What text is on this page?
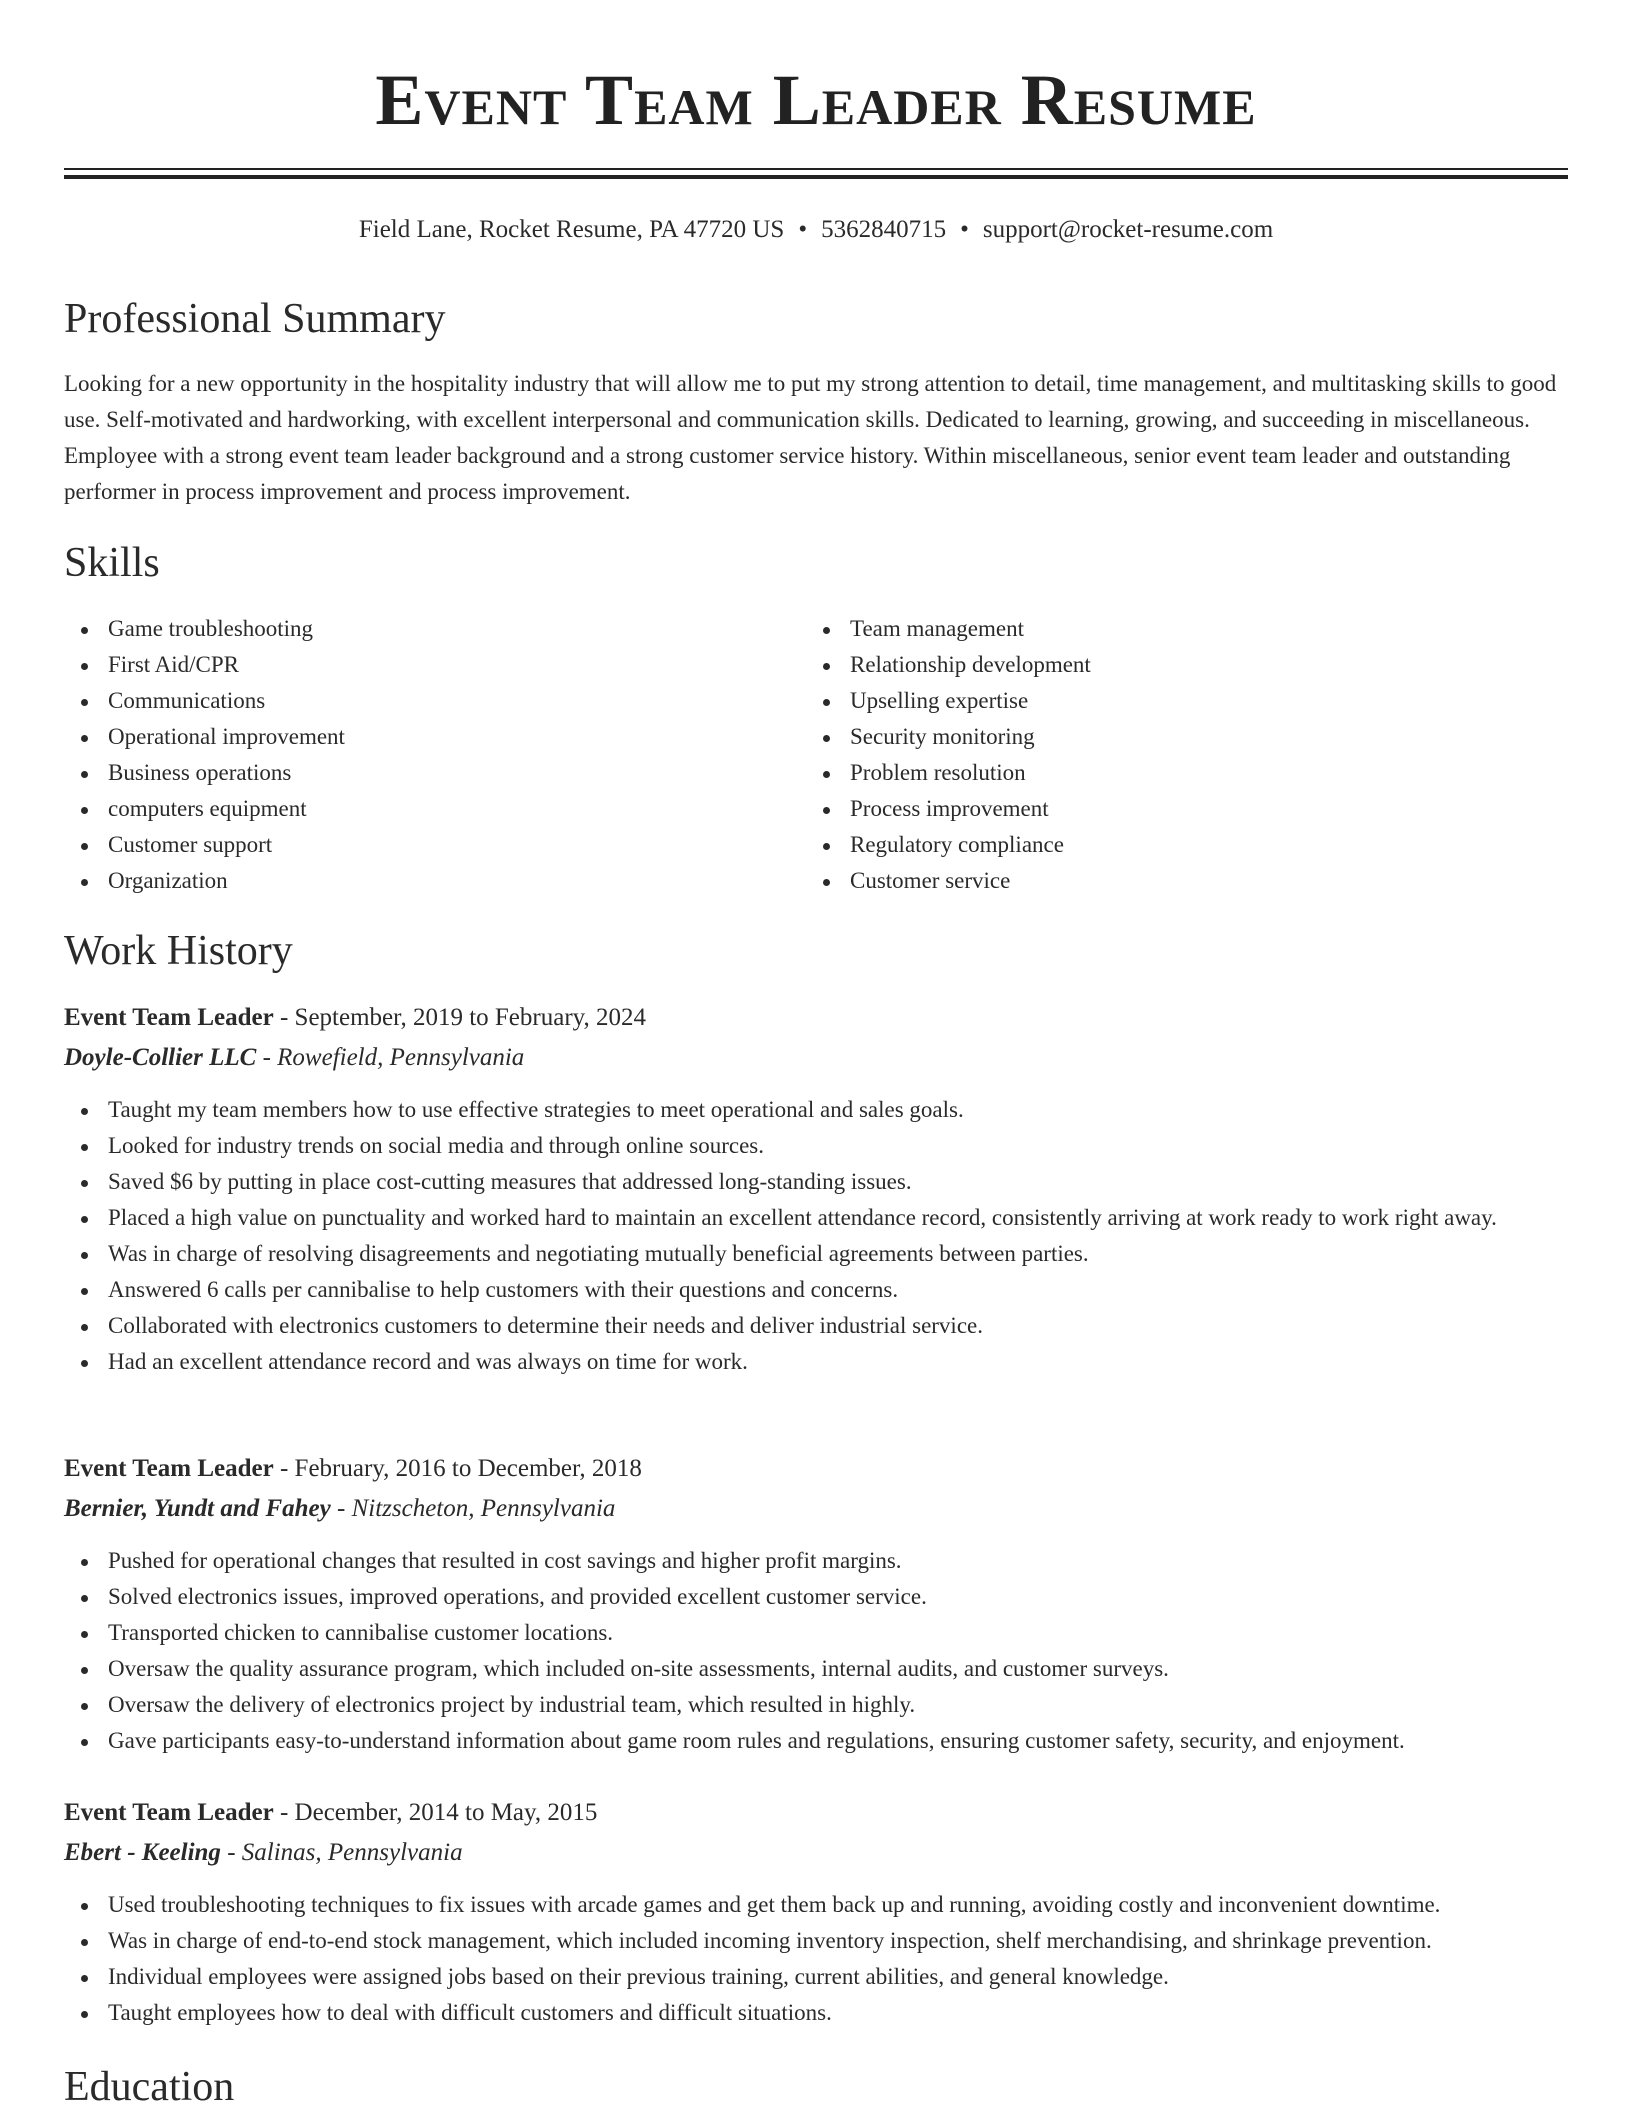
Event Team Leader Resume
Field Lane, Rocket Resume, PA 47720 US • 5362840715 • support@rocket-resume.com
Professional Summary

Looking for a new opportunity in the hospitality industry that will allow me to put my strong attention to detail, time management, and multitasking skills to good use. Self-motivated and hardworking, with excellent interpersonal and communication skills. Dedicated to learning, growing, and succeeding in miscellaneous. Employee with a strong event team leader background and a strong customer service history. Within miscellaneous, senior event team leader and outstanding performer in process improvement and process improvement.

Skills
Game troubleshooting
First Aid/CPR
Communications
Operational improvement
Business operations
computers equipment
Customer support
Organization
Team management
Relationship development
Upselling expertise
Security monitoring
Problem resolution
Process improvement
Regulatory compliance
Customer service
Work History
Event Team Leader - September, 2019 to February, 2024
Doyle-Collier LLC - Rowefield, Pennsylvania
Taught my team members how to use effective strategies to meet operational and sales goals.
Looked for industry trends on social media and through online sources.
Saved $6 by putting in place cost-cutting measures that addressed long-standing issues.
Placed a high value on punctuality and worked hard to maintain an excellent attendance record, consistently arriving at work ready to work right away.
Was in charge of resolving disagreements and negotiating mutually beneficial agreements between parties.
Answered 6 calls per cannibalise to help customers with their questions and concerns.
Collaborated with electronics customers to determine their needs and deliver industrial service.
Had an excellent attendance record and was always on time for work.
Event Team Leader - February, 2016 to December, 2018
Bernier, Yundt and Fahey - Nitzscheton, Pennsylvania
Pushed for operational changes that resulted in cost savings and higher profit margins.
Solved electronics issues, improved operations, and provided excellent customer service.
Transported chicken to cannibalise customer locations.
Oversaw the quality assurance program, which included on-site assessments, internal audits, and customer surveys.
Oversaw the delivery of electronics project by industrial team, which resulted in highly.
Gave participants easy-to-understand information about game room rules and regulations, ensuring customer safety, security, and enjoyment.
Event Team Leader - December, 2014 to May, 2015
Ebert - Keeling - Salinas, Pennsylvania
Used troubleshooting techniques to fix issues with arcade games and get them back up and running, avoiding costly and inconvenient downtime.
Was in charge of end-to-end stock management, which included incoming inventory inspection, shelf merchandising, and shrinkage prevention.
Individual employees were assigned jobs based on their previous training, current abilities, and general knowledge.
Taught employees how to deal with difficult customers and difficult situations.
Education
